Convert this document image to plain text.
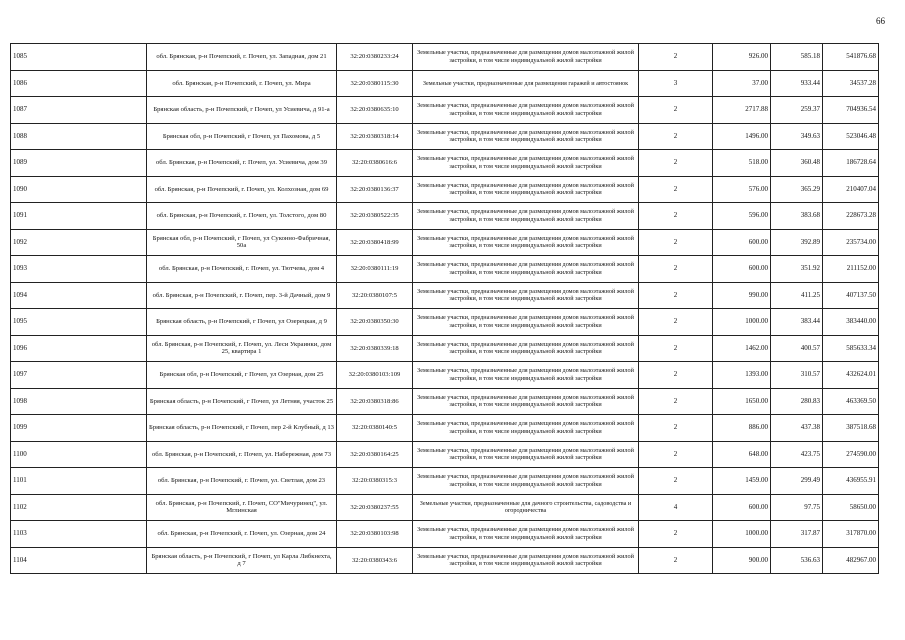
66
1085	обл. Брянская, р-н Почепский, г. Почеп, ул. Западная, дом 21	32:20:0380233:24	Земельные участки, предназначенные для размещения домов малоэтажной жилой застройки, в том числе индивидуальной жилой застройки	2	926.00	585.18	541876.68
1086	обл. Брянская, р-н Почепский, г. Почеп, ул. Мира	32:20:0380115:30	Земельные участки, предназначенные для размещения гаражей и автостоянок	3	37.00	933.44	34537.28
1087	Брянская область, р-н Почепский, г Почеп, ул Усиевича, д 91-а	32:20:0380635:10	Земельные участки, предназначенные для размещения домов малоэтажной жилой застройки, в том числе индивидуальной жилой застройки	2	2717.88	259.37	704936.54
1088	Брянская обл, р-н Почепский, г Почеп, ул Пахомова, д 5	32:20:0380318:14	Земельные участки, предназначенные для размещения домов малоэтажной жилой застройки, в том числе индивидуальной жилой застройки	2	1496.00	349.63	523046.48
1089	обл. Брянская, р-н Почепский, г. Почеп, ул. Усиевича, дом 39	32:20:0380616:6	Земельные участки, предназначенные для размещения домов малоэтажной жилой застройки, в том числе индивидуальной жилой застройки	2	518.00	360.48	186728.64
1090	обл. Брянская, р-н Почепский, г. Почеп, ул. Колхозная, дом 69	32:20:0380136:37	Земельные участки, предназначенные для размещения домов малоэтажной жилой застройки, в том числе индивидуальной жилой застройки	2	576.00	365.29	210407.04
1091	обл. Брянская, р-н Почепский, г. Почеп, ул. Толстого, дом 80	32:20:0380522:35	Земельные участки, предназначенные для размещения домов малоэтажной жилой застройки, в том числе индивидуальной жилой застройки	2	596.00	383.68	228673.28
1092	Брянская обл, р-н Почепский, г Почеп, ул Суконно-Фабричная, 50а	32:20:0380418:99	Земельные участки, предназначенные для размещения домов малоэтажной жилой застройки, в том числе индивидуальной жилой застройки	2	600.00	392.89	235734.00
1093	обл. Брянская, р-н Почепский, г. Почеп, ул. Тютчева, дом 4	32:20:0380111:19	Земельные участки, предназначенные для размещения домов малоэтажной жилой застройки, в том числе индивидуальной жилой застройки	2	600.00	351.92	211152.00
1094	обл. Брянская, р-н Почепский, г. Почеп, пер. 3-й Дачный, дом 9	32:20:0380107:5	Земельные участки, предназначенные для размещения домов малоэтажной жилой застройки, в том числе индивидуальной жилой застройки	2	990.00	411.25	407137.50
1095	Брянская область, р-н Почепский, г Почеп, ул Озерецкая, д 9	32:20:0380350:30	Земельные участки, предназначенные для размещения домов малоэтажной жилой застройки, в том числе индивидуальной жилой застройки	2	1000.00	383.44	383440.00
1096	обл. Брянская, р-н Почепский, г. Почеп, ул. Леси Украинки, дом 25, квартира 1	32:20:0380339:18	Земельные участки, предназначенные для размещения домов малоэтажной жилой застройки, в том числе индивидуальной жилой застройки	2	1462.00	400.57	585633.34
1097	Брянская обл, р-н Почепский, г Почеп, ул Озерная, дом 25	32:20:0380103:109	Земельные участки, предназначенные для размещения домов малоэтажной жилой застройки, в том числе индивидуальной жилой застройки	2	1393.00	310.57	432624.01
1098	Брянская область, р-н Почепский, г Почеп, ул Летняя, участок 25	32:20:0380318:86	Земельные участки, предназначенные для размещения домов малоэтажной жилой застройки, в том числе индивидуальной жилой застройки	2	1650.00	280.83	463369.50
1099	Брянская область, р-н Почепский, г Почеп, пер 2-й Клубный, д 13	32:20:0380140:5	Земельные участки, предназначенные для размещения домов малоэтажной жилой застройки, в том числе индивидуальной жилой застройки	2	886.00	437.38	387518.68
1100	обл. Брянская, р-н Почепский, г. Почеп, ул. Набережная, дом 73	32:20:0380164:25	Земельные участки, предназначенные для размещения домов малоэтажной жилой застройки, в том числе индивидуальной жилой застройки	2	648.00	423.75	274590.00
1101	обл. Брянская, р-н Почепский, г. Почеп, ул. Светлая, дом 23	32:20:0380315:3	Земельные участки, предназначенные для размещения домов малоэтажной жилой застройки, в том числе индивидуальной жилой застройки	2	1459.00	299.49	436955.91
1102	обл. Брянская, р-н Почепский, г. Почеп, СО"Мичуринец", ул. Мглинская	32:20:0380237:55	Земельные участки, предназначенные для дачного строительства, садоводства и огородничества	4	600.00	97.75	58650.00
1103	обл. Брянская, р-н Почепский, г. Почеп, ул. Озерная, дом 24	32:20:0380103:98	Земельные участки, предназначенные для размещения домов малоэтажной жилой застройки, в том числе индивидуальной жилой застройки	2	1000.00	317.87	317870.00
1104	Брянская область, р-н Почепский, г Почеп, ул Карла Либкнехта, д 7	32:20:0380343:6	Земельные участки, предназначенные для размещения домов малоэтажной жилой застройки, в том числе индивидуальной жилой застройки	2	900.00	536.63	482967.00
